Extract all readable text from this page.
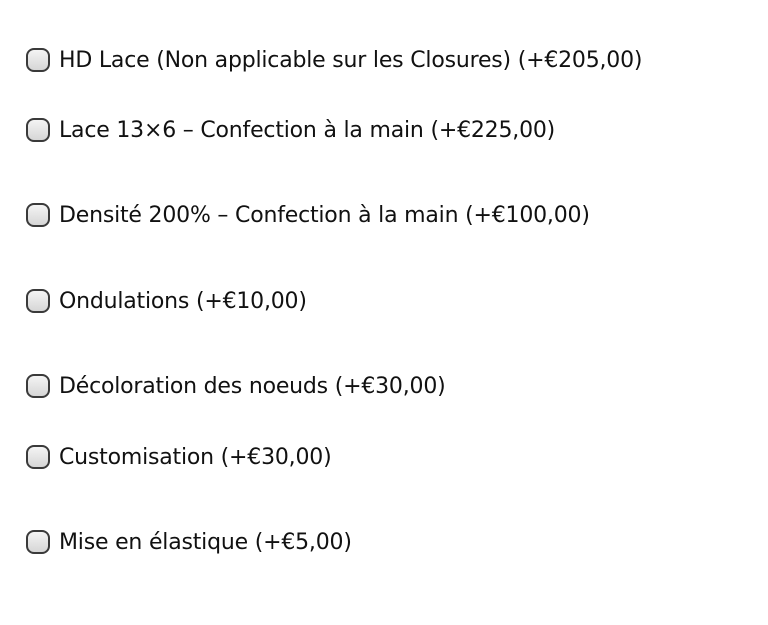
HD Lace (Non applicable sur les Closures) (+€205,00)
Lace 13×6 – Confection à la main (+€225,00)
Densité 200% – Confection à la main (+€100,00)
Ondulations (+€10,00)
Décoloration des noeuds (+€30,00)
Customisation (+€30,00)
Mise en élastique (+€5,00)
